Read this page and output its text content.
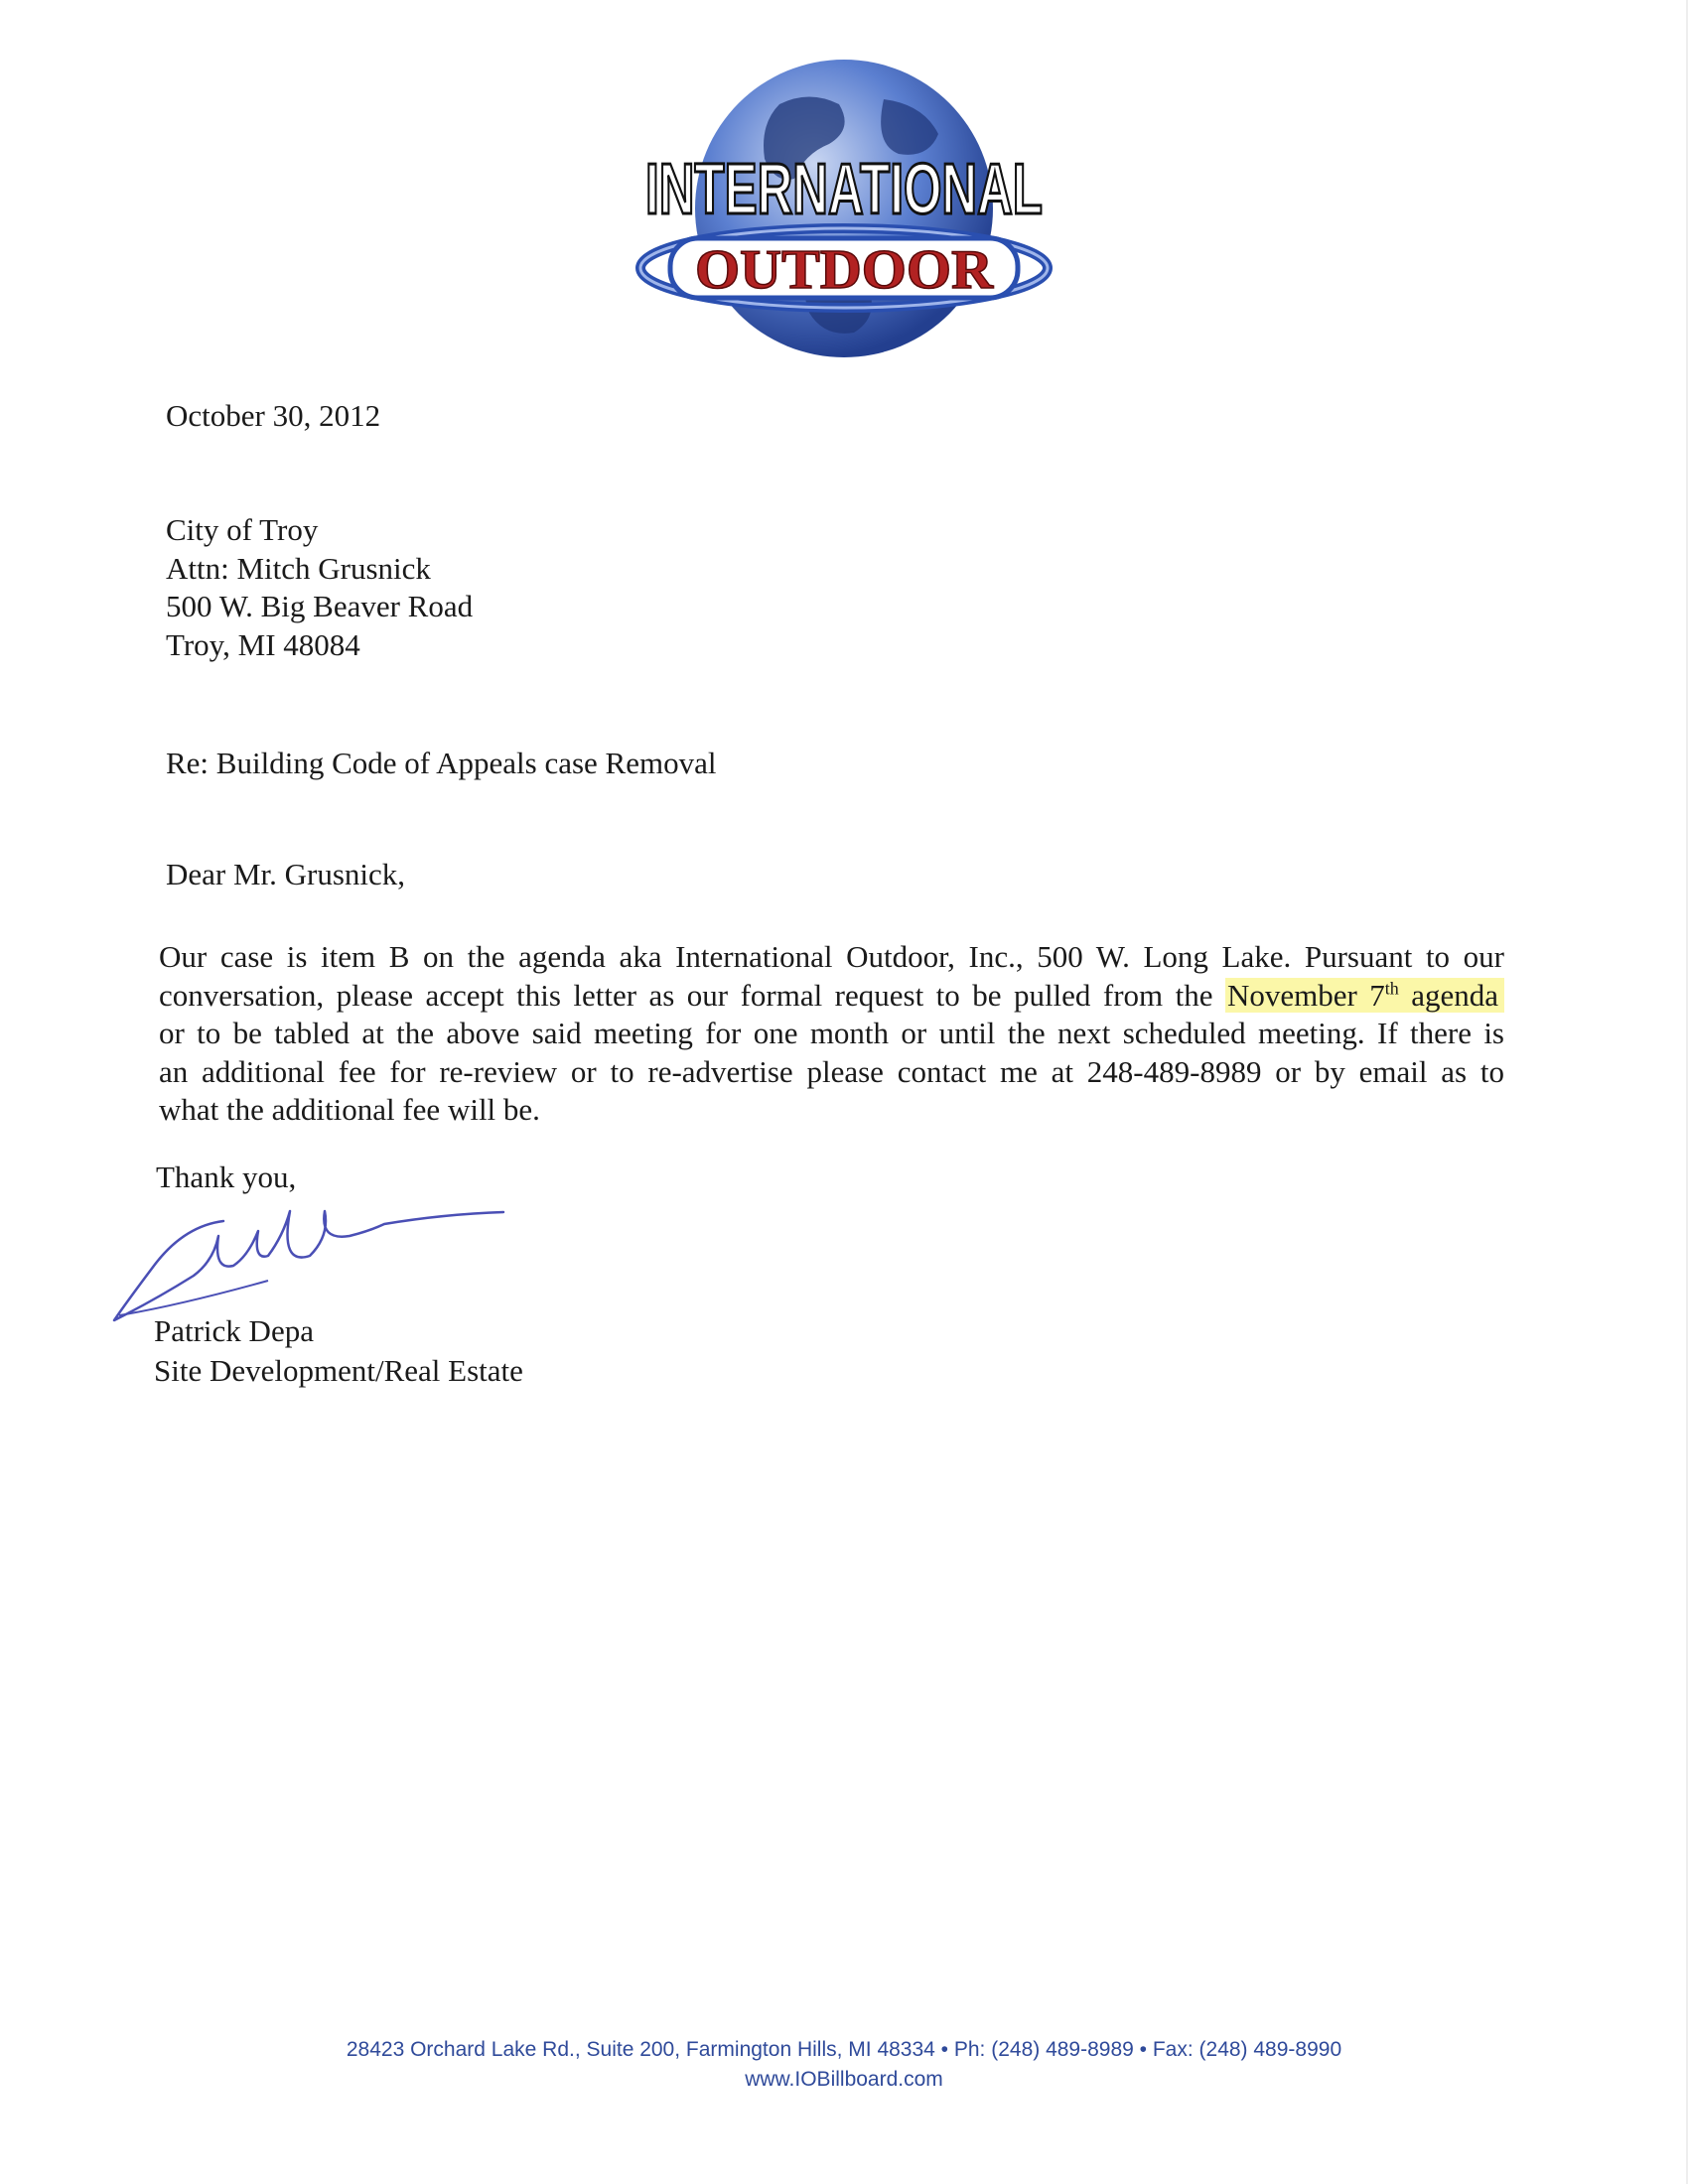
INTERNATIONAL
OUTDOOR
October 30, 2012
City of Troy
Attn: Mitch Grusnick
500 W. Big Beaver Road
Troy, MI 48084
Re: Building Code of Appeals case Removal
Dear Mr. Grusnick,
Our case is item B on the agenda aka International Outdoor, Inc., 500 W. Long Lake. Pursuant to our
conversation, please accept this letter as our formal request to be pulled from the November 7th agenda
or to be tabled at the above said meeting for one month or until the next scheduled meeting. If there is
an additional fee for re-review or to re-advertise please contact me at 248-489-8989 or by email as to
what the additional fee will be.
Thank you,
Patrick Depa
Site Development/Real Estate
28423 Orchard Lake Rd., Suite 200, Farmington Hills, MI 48334 • Ph: (248) 489-8989 • Fax: (248) 489-8990
www.IOBillboard.com
